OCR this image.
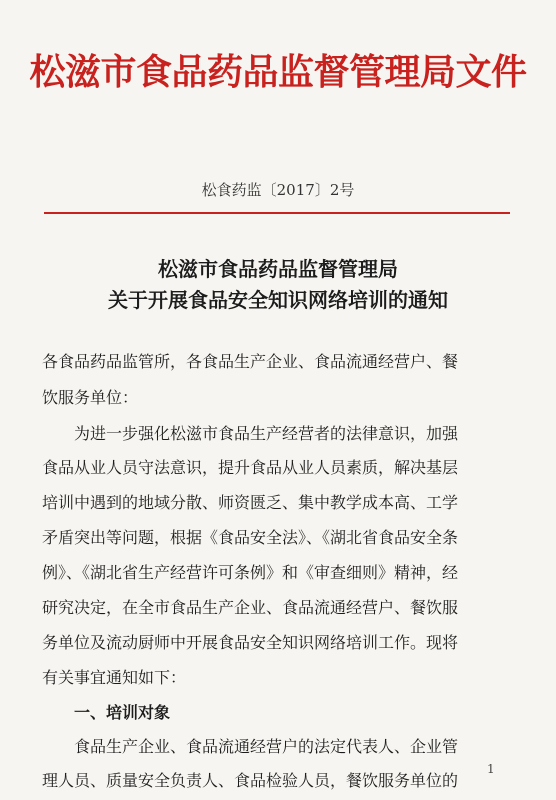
松滋市食品药品监督管理局文件
松食药监〔2017〕2号
松滋市食品药品监督管理局
关于开展食品安全知识网络培训的通知
各食品药品监管所，各食品生产企业、食品流通经营户、餐
饮服务单位：
　　为进一步强化松滋市食品生产经营者的法律意识，加强
食品从业人员守法意识，提升食品从业人员素质，解决基层
培训中遇到的地域分散、师资匮乏、集中教学成本高、工学
矛盾突出等问题，根据《食品安全法》、《湖北省食品安全条
例》、《湖北省生产经营许可条例》和《审查细则》精神，经
研究决定，在全市食品生产企业、食品流通经营户、餐饮服
务单位及流动厨师中开展食品安全知识网络培训工作。现将
有关事宜通知如下：
　　一、培训对象
　　食品生产企业、食品流通经营户的法定代表人、企业管
理人员、质量安全负责人、食品检验人员，餐饮服务单位的
1
